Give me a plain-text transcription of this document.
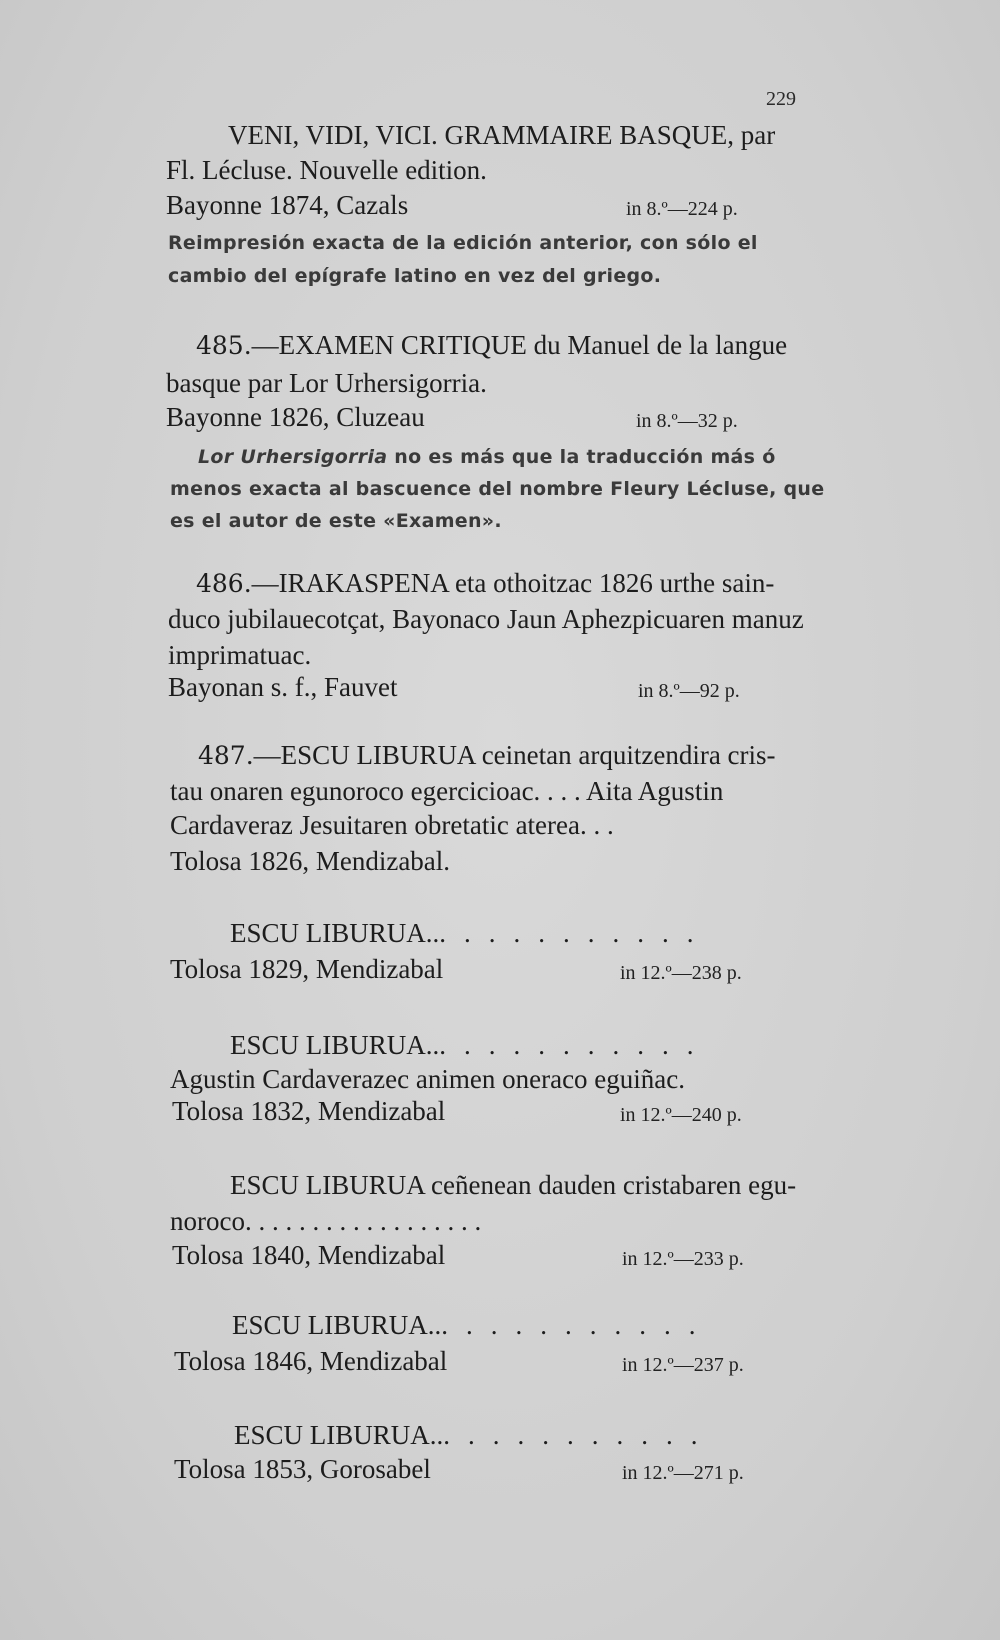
229
VENI, VIDI, VICI. GRAMMAIRE BASQUE, par
Fl. Lécluse. Nouvelle edition.
Bayonne 1874, Cazals	in 8.º—224 p.
Reimpresión exacta de la edición anterior, con sólo el
cambio del epígrafe latino en vez del griego.
485.—EXAMEN CRITIQUE du Manuel de la langue
basque par Lor Urhersigorria.
Bayonne 1826, Cluzeau	in 8.º—32 p.
Lor Urhersigorria no es más que la traducción más ó
menos exacta al bascuence del nombre Fleury Lécluse, que
es el autor de este «Examen».
486.—IRAKASPENA eta othoitzac 1826 urthe sain-
duco jubilauecotçat, Bayonaco Jaun Aphezpicuaren manuz
imprimatuac.
Bayonan s. f., Fauvet	in 8.º—92 p.
487.—ESCU LIBURUA ceinetan arquitzendira cris-
tau onaren egunoroco egercicioac. . . . Aita Agustin
Cardaveraz Jesuitaren obretatic aterea. . .
Tolosa 1826, Mendizabal.
ESCU LIBURUA.............
Tolosa 1829, Mendizabal	in 12.º—238 p.
ESCU LIBURUA.............
Agustin Cardaverazec animen oneraco eguiñac.
Tolosa 1832, Mendizabal	in 12.º—240 p.
ESCU LIBURUA ceñenean dauden cristabaren egu-
noroco. . . . . . . . . . . . . . . . . .
Tolosa 1840, Mendizabal	in 12.º—233 p.
ESCU LIBURUA.............
Tolosa 1846, Mendizabal	in 12.º—237 p.
ESCU LIBURUA.............
Tolosa 1853, Gorosabel	in 12.º—271 p.
